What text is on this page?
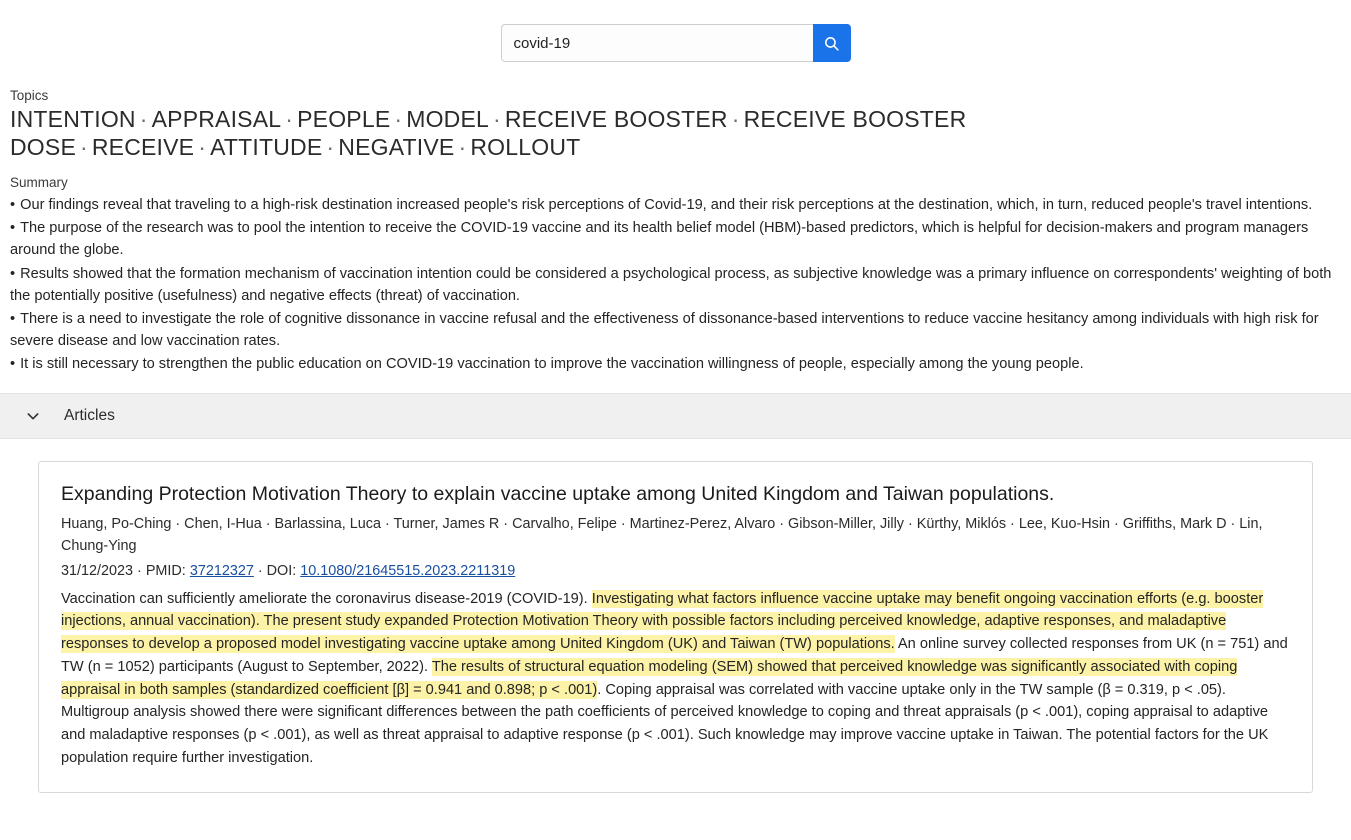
covid-19
Topics
INTENTION · APPRAISAL · PEOPLE · MODEL · RECEIVE BOOSTER · RECEIVE BOOSTER DOSE · RECEIVE · ATTITUDE · NEGATIVE · ROLLOUT
Summary

• Our findings reveal that traveling to a high-risk destination increased people's risk perceptions of Covid-19, and their risk perceptions at the destination, which, in turn, reduced people's travel intentions.

• The purpose of the research was to pool the intention to receive the COVID-19 vaccine and its health belief model (HBM)-based predictors, which is helpful for decision-makers and program managers around the globe.

• Results showed that the formation mechanism of vaccination intention could be considered a psychological process, as subjective knowledge was a primary influence on correspondents' weighting of both the potentially positive (usefulness) and negative effects (threat) of vaccination.

• There is a need to investigate the role of cognitive dissonance in vaccine refusal and the effectiveness of dissonance-based interventions to reduce vaccine hesitancy among individuals with high risk for severe disease and low vaccination rates.

• It is still necessary to strengthen the public education on COVID-19 vaccination to improve the vaccination willingness of people, especially among the young people.

Articles
Expanding Protection Motivation Theory to explain vaccine uptake among United Kingdom and Taiwan populations.
Huang, Po-Ching · Chen, I-Hua · Barlassina, Luca · Turner, James R · Carvalho, Felipe · Martinez-Perez, Alvaro · Gibson-Miller, Jilly · Kürthy, Miklós · Lee, Kuo-Hsin · Griffiths, Mark D · Lin, Chung-Ying
31/12/2023 · PMID: 37212327 · DOI: 10.1080/21645515.2023.2211319
Vaccination can sufficiently ameliorate the coronavirus disease-2019 (COVID-19). Investigating what factors influence vaccine uptake may benefit ongoing vaccination efforts (e.g. booster injections, annual vaccination). The present study expanded Protection Motivation Theory with possible factors including perceived knowledge, adaptive responses, and maladaptive responses to develop a proposed model investigating vaccine uptake among United Kingdom (UK) and Taiwan (TW) populations. An online survey collected responses from UK (n = 751) and TW (n = 1052) participants (August to September, 2022). The results of structural equation modeling (SEM) showed that perceived knowledge was significantly associated with coping appraisal in both samples (standardized coefficient [β] = 0.941 and 0.898; p < .001). Coping appraisal was correlated with vaccine uptake only in the TW sample (β = 0.319, p < .05). Multigroup analysis showed there were significant differences between the path coefficients of perceived knowledge to coping and threat appraisals (p < .001), coping appraisal to adaptive and maladaptive responses (p < .001), as well as threat appraisal to adaptive response (p < .001). Such knowledge may improve vaccine uptake in Taiwan. The potential factors for the UK population require further investigation.
